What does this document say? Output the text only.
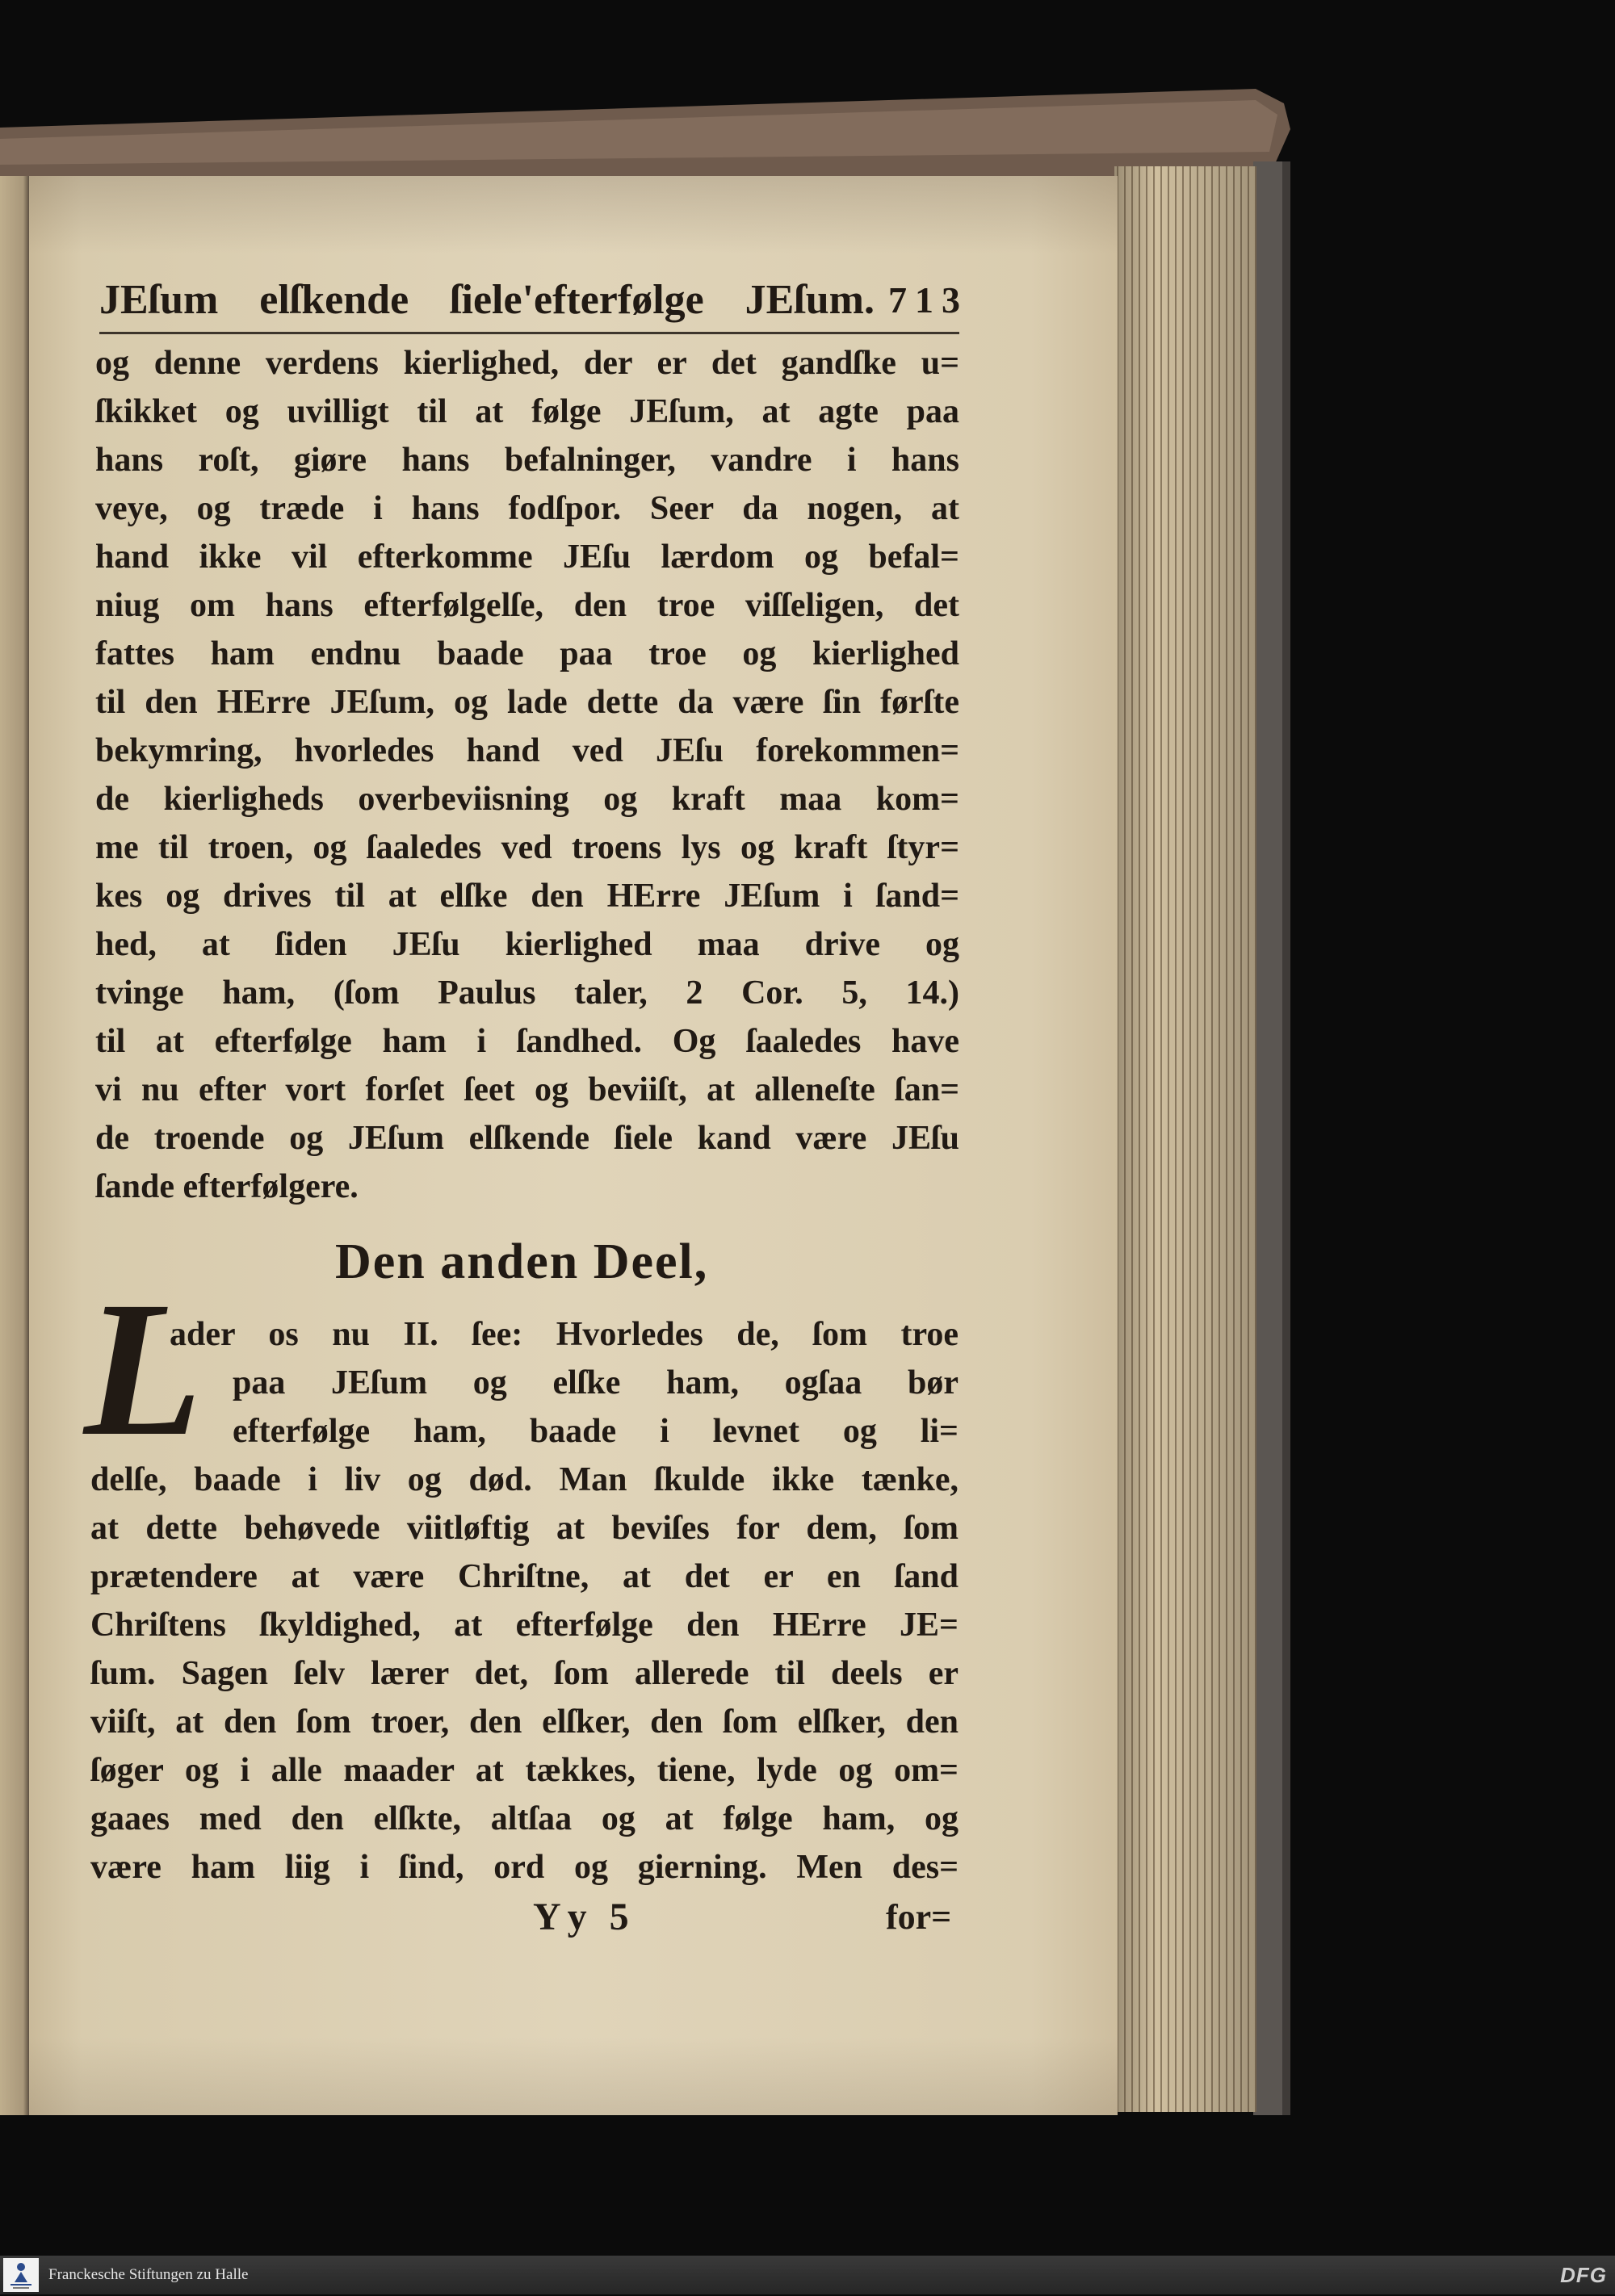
JEſum elſkende ſiele'efterfølge JEſum. 713
og denne verdens kierlighed, der er det gandſke u=
ſkikket og uvilligt til at følge JEſum, at agte paa
hans roſt, giøre hans befalninger, vandre i hans
veye, og træde i hans fodſpor. Seer da nogen, at
hand ikke vil efterkomme JEſu lærdom og befal=
niug om hans efterfølgelſe, den troe viſſeligen, det
fattes ham endnu baade paa troe og kierlighed
til den HErre JEſum, og lade dette da være ſin førſte
bekymring, hvorledes hand ved JEſu forekommen=
de kierligheds overbeviisning og kraft maa kom=
me til troen, og ſaaledes ved troens lys og kraft ſtyr=
kes og drives til at elſke den HErre JEſum i ſand=
hed, at ſiden JEſu kierlighed maa drive og
tvinge ham, (ſom Paulus taler, 2 Cor. 5, 14.)
til at efterfølge ham i ſandhed. Og ſaaledes have
vi nu efter vort forſet ſeet og beviiſt, at alleneſte ſan=
de troende og JEſum elſkende ſiele kand være JEſu
ſande efterfølgere.
Den anden Deel,
L
ader os nu II. ſee: Hvorledes de, ſom troe
paa JEſum og elſke ham, ogſaa bør
efterfølge ham, baade i levnet og li=
delſe, baade i liv og død. Man ſkulde ikke tænke,
at dette behøvede viitløftig at beviſes for dem, ſom
prætendere at være Chriſtne, at det er en ſand
Chriſtens ſkyldighed, at efterfølge den HErre JE=
ſum. Sagen ſelv lærer det, ſom allerede til deels er
viiſt, at den ſom troer, den elſker, den ſom elſker, den
ſøger og i alle maader at tækkes, tiene, lyde og om=
gaaes med den elſkte, altſaa og at følge ham, og
være ham liig i ſind, ord og gierning. Men des=
Yy 5	for=
Franckesche Stiftungen zu Halle	DFG
